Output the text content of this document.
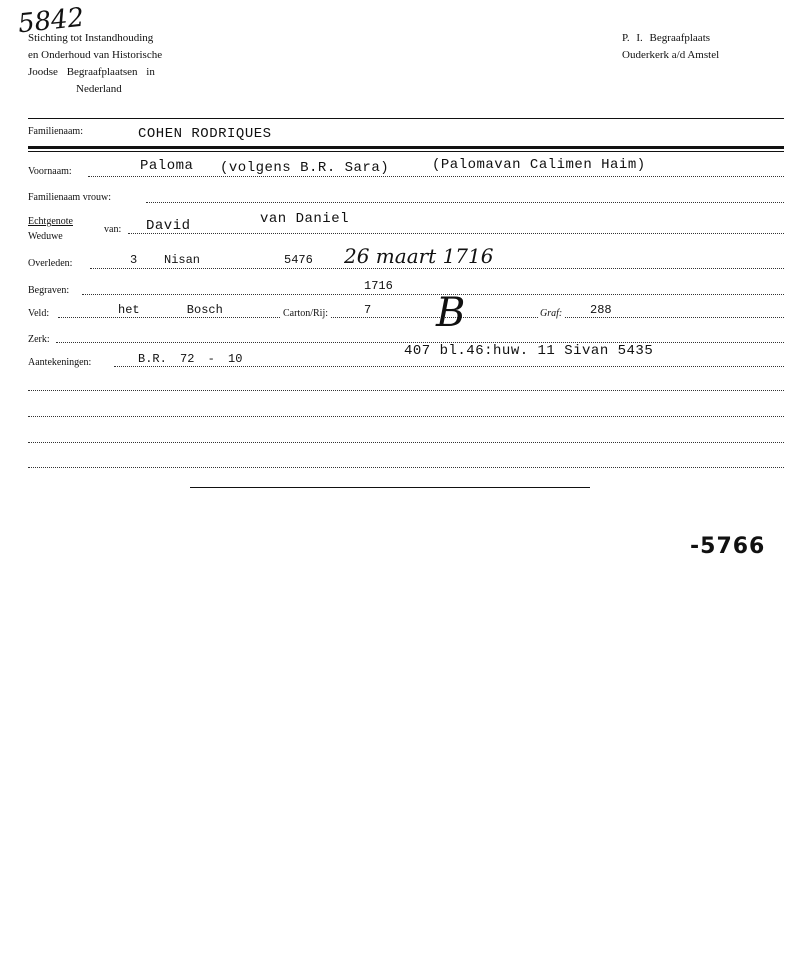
5842
Stichting tot Instandhouding
en Onderhoud van Historische
Joodse Begraafplaatsen in
Nederland
P. I. Begraafplaats
Ouderkerk a/d Amstel
Familienaam:	COHEN RODRIQUES
Voornaam:	Paloma (volgens B.R. Sara)	(Palomavan Calimen Haim)
Familienaam vrouw:
Echtgenote
Weduwe
van: David	van Daniel
Overleden:	3 Nisan	5476 26 maart 1716
Begraven:	1716
Veld:	het Bosch	Carton/Rij:	7 B	Graf: 288
Zerk:
Aantekeningen:	B.R. 72 - 10	407 bl.46:huw. 11 Sivan 5435
-5766
